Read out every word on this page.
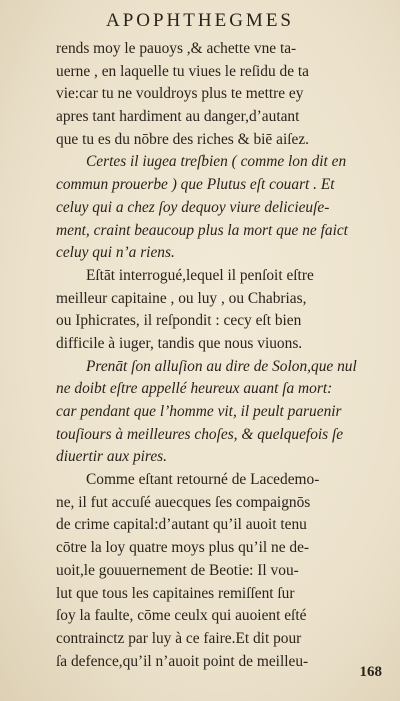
APOPHTHEGMES
rends moy le pauoys ,& achette vne ta-
uerne , en laquelle tu viues le reſidu de ta
vie:car tu ne vouldroys plus te mettre ey
apres tant hardiment au danger,d’autant
que tu es du nōbre des riches & biē aiſez.
Certes il iugea treſbien ( comme lon dit en
commun prouerbe ) que Plutus eſt couart . Et
celuy qui a chez ſoy dequoy viure delicieuſe-
ment, craint beaucoup plus la mort que ne faict
celuy qui n’a riens.
Eſtāt interrogué,lequel il penſoit eſtre
meilleur capitaine , ou luy , ou Chabrias,
ou Iphicrates, il reſpondit : cecy eſt bien
difficile à iuger, tandis que nous viuons.
Prenāt ſon alluſion au dire de Solon,que nul
ne doibt eſtre appellé heureux auant ſa mort:
car pendant que l’homme vit, il peult paruenir
touſiours à meilleures choſes, & quelquefois ſe
diuertir aux pires.
Comme eſtant retourné de Lacedemo-
ne, il fut accuſé auecques ſes compaignōs
de crime capital:d’autant qu’il auoit tenu
cōtre la loy quatre moys plus qu’il ne de-
uoit,le gouuernement de Beotie: Il vou-
lut que tous les capitaines remiſſent ſur
ſoy la faulte, cōme ceulx qui auoient eſté
contrainctz par luy à ce faire.Et dit pour
ſa defence,qu’il n’auoit point de meilleu-
168
